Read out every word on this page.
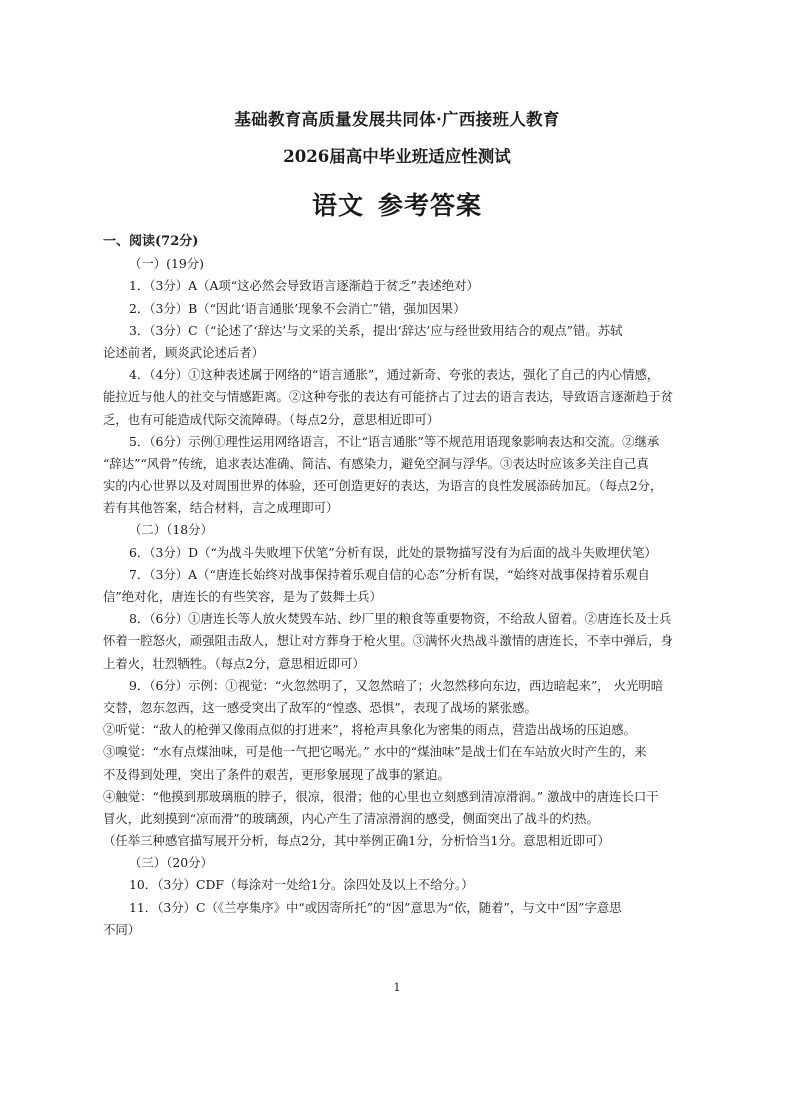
基础教育高质量发展共同体·广西接班人教育
2026届高中毕业班适应性测试
语文 参考答案
一、阅读(72分)
（一）(19分)
1．（3分）A（A项“这必然会导致语言逐渐趋于贫乏”表述绝对）
2．（3分）B（“因此‘语言通胀’现象不会消亡”错，强加因果）
3．（3分）C（“论述了‘辞达’与文采的关系，提出‘辞达’应与经世致用结合的观点”错。苏轼
论述前者，顾炎武论述后者）
4．（4分）①这种表述属于网络的“语言通胀”，通过新奇、夸张的表达，强化了自己的内心情感，
能拉近与他人的社交与情感距离。②这种夸张的表达有可能挤占了过去的语言表达，导致语言逐渐趋于贫
乏，也有可能造成代际交流障碍。（每点2分，意思相近即可）
5．（6分）示例①理性运用网络语言，不让“语言通胀”等不规范用语现象影响表达和交流。②继承
“辞达”“风骨”传统，追求表达准确、简洁、有感染力，避免空洞与浮华。③表达时应该多关注自己真
实的内心世界以及对周围世界的体验，还可创造更好的表达，为语言的良性发展添砖加瓦。（每点2分，
若有其他答案，结合材料，言之成理即可）
（二）（18分）
6．（3分）D（“为战斗失败埋下伏笔”分析有误，此处的景物描写没有为后面的战斗失败埋伏笔）
7．（3分）A（“唐连长始终对战事保持着乐观自信的心态”分析有误，“始终对战事保持着乐观自
信”绝对化，唐连长的有些笑容，是为了鼓舞士兵）
8．（6分）①唐连长等人放火焚毁车站、纱厂里的粮食等重要物资，不给敌人留着。②唐连长及士兵
怀着一腔怒火，顽强阻击敌人，想让对方葬身于枪火里。③满怀火热战斗激情的唐连长，不幸中弹后，身
上着火，壮烈牺牲。（每点2分，意思相近即可）
9．（6分）示例：①视觉：“火忽然明了，又忽然暗了；火忽然移向东边，西边暗起来”， 火光明暗
交替，忽东忽西，这一感受突出了敌军的“惶惑、恐惧”，表现了战场的紧张感。
②听觉：“敌人的枪弹又像雨点似的打进来”，将枪声具象化为密集的雨点，营造出战场的压迫感。
③嗅觉：“水有点煤油味，可是他一气把它喝光。” 水中的“煤油味”是战士们在车站放火时产生的，来
不及得到处理，突出了条件的艰苦，更形象展现了战事的紧迫。
④触觉：“他摸到那玻璃瓶的脖子，很凉，很滑；他的心里也立刻感到清凉滑润。” 激战中的唐连长口干
冒火，此刻摸到“凉而滑”的玻璃颈，内心产生了清凉滑润的感受，侧面突出了战斗的灼热。
（任举三种感官描写展开分析，每点2分，其中举例正确1分，分析恰当1分。意思相近即可）
（三）（20分）
10．（3分）CDF（每涂对一处给1分。涂四处及以上不给分。）
11．（3分）C（《兰亭集序》中“或因寄所托”的“因”意思为“依，随着”，与文中“因”字意思
不同）
1
